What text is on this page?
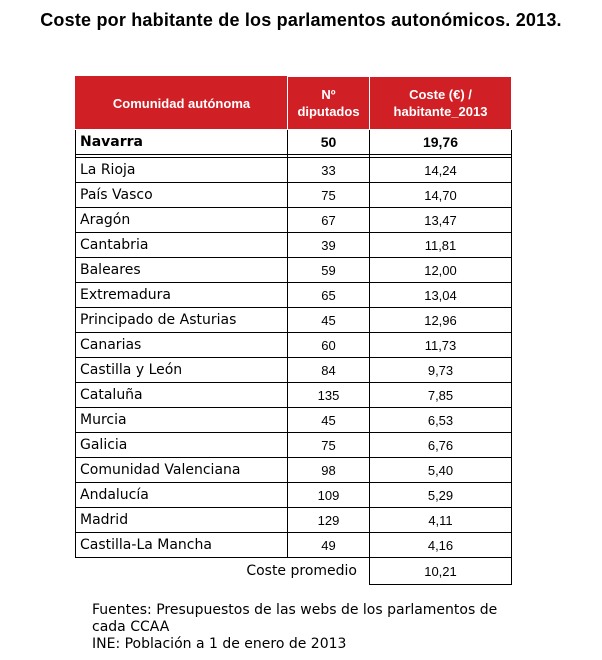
Coste por habitante de los parlamentos autonómicos. 2013.
Comunidad autónoma	Nº diputados	Coste (€) / habitante_2013
Navarra	50	19,76

La Rioja	33	14,24
País Vasco	75	14,70
Aragón	67	13,47
Cantabria	39	11,81
Baleares	59	12,00
Extremadura	65	13,04
Principado de Asturias	45	12,96
Canarias	60	11,73
Castilla y León	84	9,73
Cataluña	135	7,85
Murcia	45	6,53
Galicia	75	6,76
Comunidad Valenciana	98	5,40
Andalucía	109	5,29
Madrid	129	4,11
Castilla-La Mancha	49	4,16
Coste promedio		10,21
Fuentes: Presupuestos de las webs de los parlamentos de
cada CCAA
INE: Población a 1 de enero de 2013
